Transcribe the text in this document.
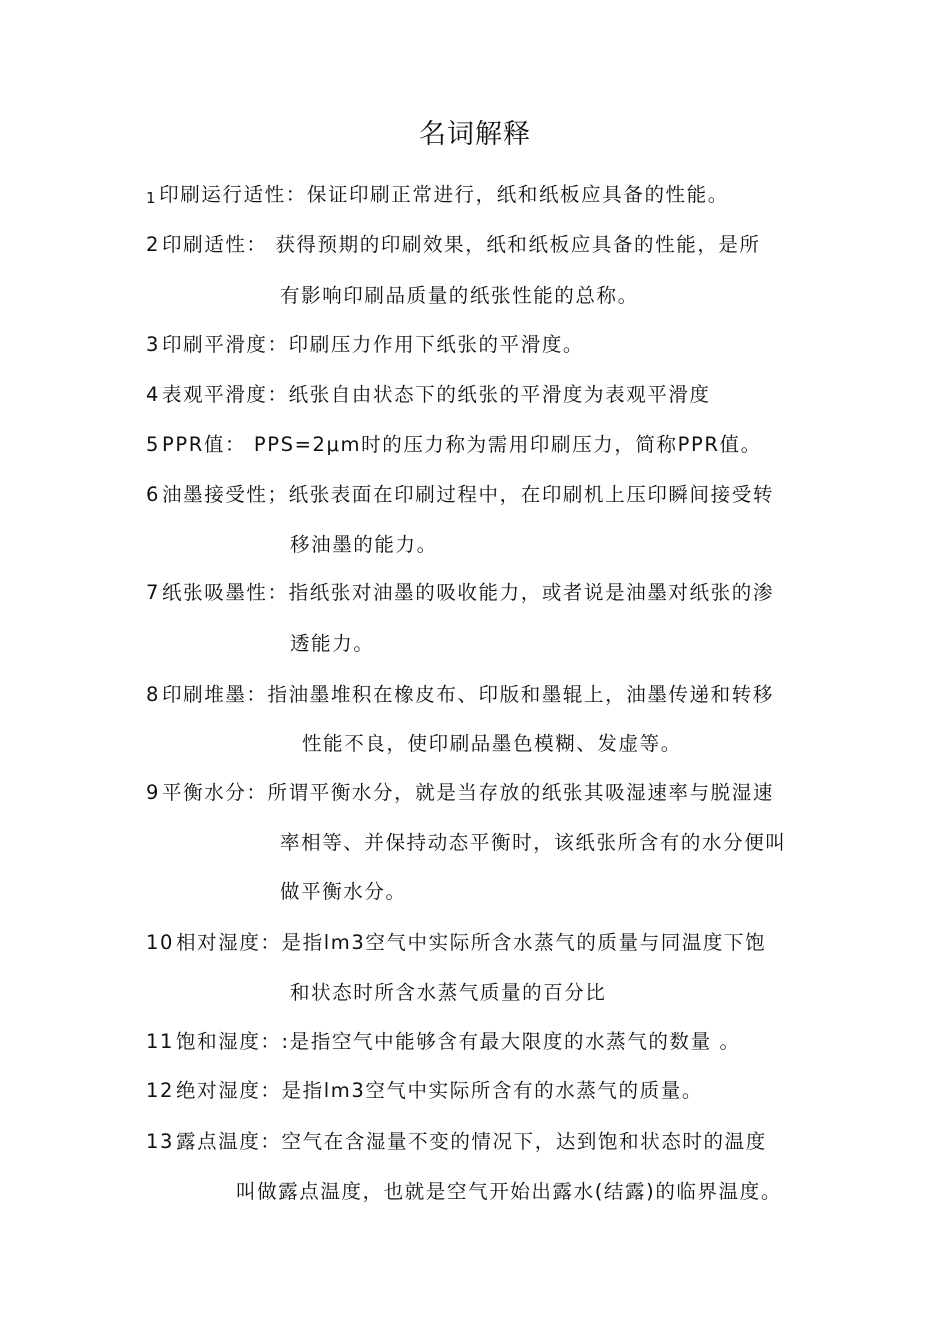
名词解释
1 印刷运行适性：保证印刷正常进行，纸和纸板应具备的性能。
2 印刷适性： 获得预期的印刷效果，纸和纸板应具备的性能，是所
有影响印刷品质量的纸张性能的总称。
3 印刷平滑度：印刷压力作用下纸张的平滑度。
4 表观平滑度：纸张自由状态下的纸张的平滑度为表观平滑度
5 PPR值： PPS=2μm时的压力称为需用印刷压力，简称PPR值。
6 油墨接受性；纸张表面在印刷过程中，在印刷机上压印瞬间接受转
移油墨的能力。
7 纸张吸墨性：指纸张对油墨的吸收能力，或者说是油墨对纸张的渗
透能力。
8 印刷堆墨：指油墨堆积在橡皮布、印版和墨辊上，油墨传递和转移
性能不良，使印刷品墨色模糊、发虚等。
9 平衡水分：所谓平衡水分，就是当存放的纸张其吸湿速率与脱湿速
率相等、并保持动态平衡时，该纸张所含有的水分便叫
做平衡水分。
10 相对湿度：是指lm3空气中实际所含水蒸气的质量与同温度下饱
和状态时所含水蒸气质量的百分比
11 饱和湿度：:是指空气中能够含有最大限度的水蒸气的数量 。
12 绝对湿度：是指lm3空气中实际所含有的水蒸气的质量。
13 露点温度：空气在含湿量不变的情况下，达到饱和状态时的温度
叫做露点温度，也就是空气开始出露水(结露)的临界温度。
